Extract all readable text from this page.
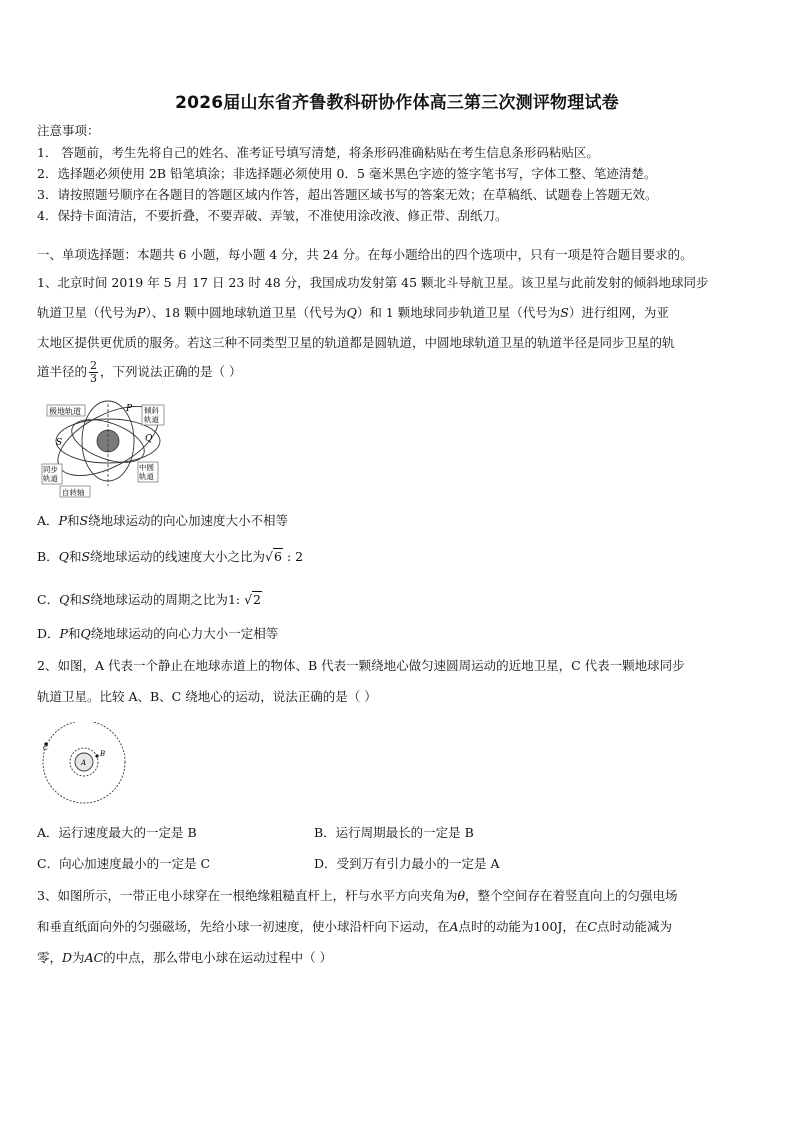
2026届山东省齐鲁教科研协作体高三第三次测评物理试卷
注意事项：
1． 答题前，考生先将自己的姓名、准考证号填写清楚，将条形码准确粘贴在考生信息条形码粘贴区。
2．选择题必须使用 2B 铅笔填涂；非选择题必须使用 0．5 毫米黑色字迹的签字笔书写，字体工整、笔迹清楚。
3．请按照题号顺序在各题目的答题区域内作答，超出答题区域书写的答案无效；在草稿纸、试题卷上答题无效。
4．保持卡面清洁，不要折叠，不要弄破、弄皱，不准使用涂改液、修正带、刮纸刀。
一、单项选择题：本题共 6 小题，每小题 4 分，共 24 分。在每小题给出的四个选项中，只有一项是符合题目要求的。
1、北京时间 2019 年 5 月 17 日 23 时 48 分，我国成功发射第 45 颗北斗导航卫星。该卫星与此前发射的倾斜地球同步
轨道卫星（代号为P）、18 颗中圆地球轨道卫星（代号为Q）和 1 颗地球同步轨道卫星（代号为S）进行组网，为亚
太地区提供更优质的服务。若这三种不同类型卫星的轨道都是圆轨道，中圆地球轨道卫星的轨道半径是同步卫星的轨
道半径的 $\frac{2}{3}$ ，下列说法正确的是（ ）
极地轨道	倾斜轨道
同步轨道
中圆轨道
自转轴
P
Q
S
A．P和S绕地球运动的向心加速度大小不相等
B．Q和S绕地球运动的线速度大小之比为√6 : 2
C．Q和S绕地球运动的周期之比为1: √2
D．P和Q绕地球运动的向心力大小一定相等
2、如图，A 代表一个静止在地球赤道上的物体、B 代表一颗绕地心做匀速圆周运动的近地卫星，C 代表一颗地球同步
轨道卫星。比较 A、B、C 绕地心的运动，说法正确的是（ ）
A
B
C
A．运行速度最大的一定是 B	B．运行周期最长的一定是 B
C．向心加速度最小的一定是 C	D．受到万有引力最小的一定是 A
3、如图所示，一带正电小球穿在一根绝缘粗糙直杆上，杆与水平方向夹角为θ，整个空间存在着竖直向上的匀强电场
和垂直纸面向外的匀强磁场，先给小球一初速度，使小球沿杆向下运动，在A点时的动能为100J，在C点时动能减为
零，D为AC的中点，那么带电小球在运动过程中（ ）
